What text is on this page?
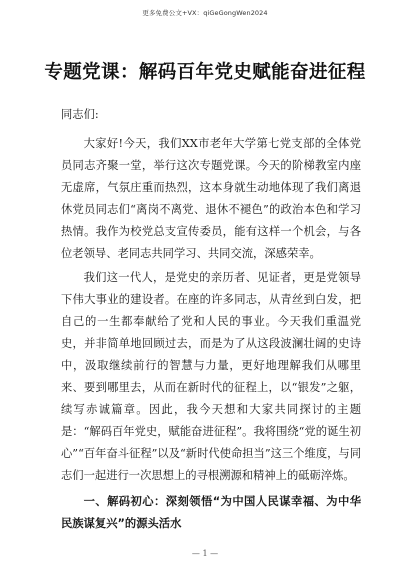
更多免费公文+VX：qiGeGongWen2024
专题党课：解码百年党史赋能奋进征程

同志们:

大家好!今天，我们XX市老年大学第七党支部的全体党员同志齐聚一堂，举行这次专题党课。今天的阶梯教室内座无虚席，气氛庄重而热烈，这本身就生动地体现了我们离退休党员同志们“离岗不离党、退休不褪色”的政治本色和学习热情。我作为校党总支宣传委员，能有这样一个机会，与各位老领导、老同志共同学习、共同交流，深感荣幸。

我们这一代人，是党史的亲历者、见证者，更是党领导下伟大事业的建设者。在座的许多同志，从青丝到白发，把自己的一生都奉献给了党和人民的事业。今天我们重温党史，并非简单地回顾过去，而是为了从这段波澜壮阔的史诗中，汲取继续前行的智慧与力量，更好地理解我们从哪里来、要到哪里去，从而在新时代的征程上，以“银发”之躯，续写赤诚篇章。因此，我今天想和大家共同探讨的主题是：“解码百年党史，赋能奋进征程”。我将围绕“党的诞生初心”“百年奋斗征程”以及“新时代使命担当”这三个维度，与同志们一起进行一次思想上的寻根溯源和精神上的砥砺淬炼。

一、解码初心：深刻领悟“为中国人民谋幸福、为中华民族谋复兴”的源头活水

— 1 —
